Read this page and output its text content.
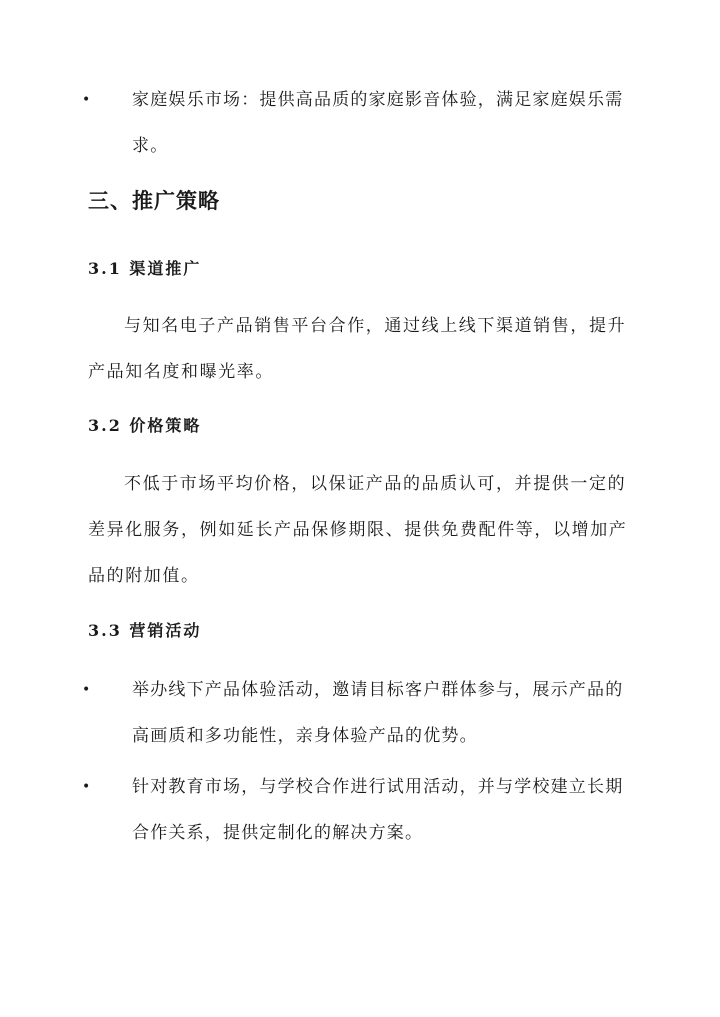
• 家庭娱乐市场：提供高品质的家庭影音体验，满足家庭娱乐需求。
三、推广策略
3.1 渠道推广
与知名电子产品销售平台合作，通过线上线下渠道销售，提升产品知名度和曝光率。
3.2 价格策略
不低于市场平均价格，以保证产品的品质认可，并提供一定的差异化服务，例如延长产品保修期限、提供免费配件等，以增加产品的附加值。
3.3 营销活动
• 举办线下产品体验活动，邀请目标客户群体参与，展示产品的高画质和多功能性，亲身体验产品的优势。
• 针对教育市场，与学校合作进行试用活动，并与学校建立长期合作关系，提供定制化的解决方案。
